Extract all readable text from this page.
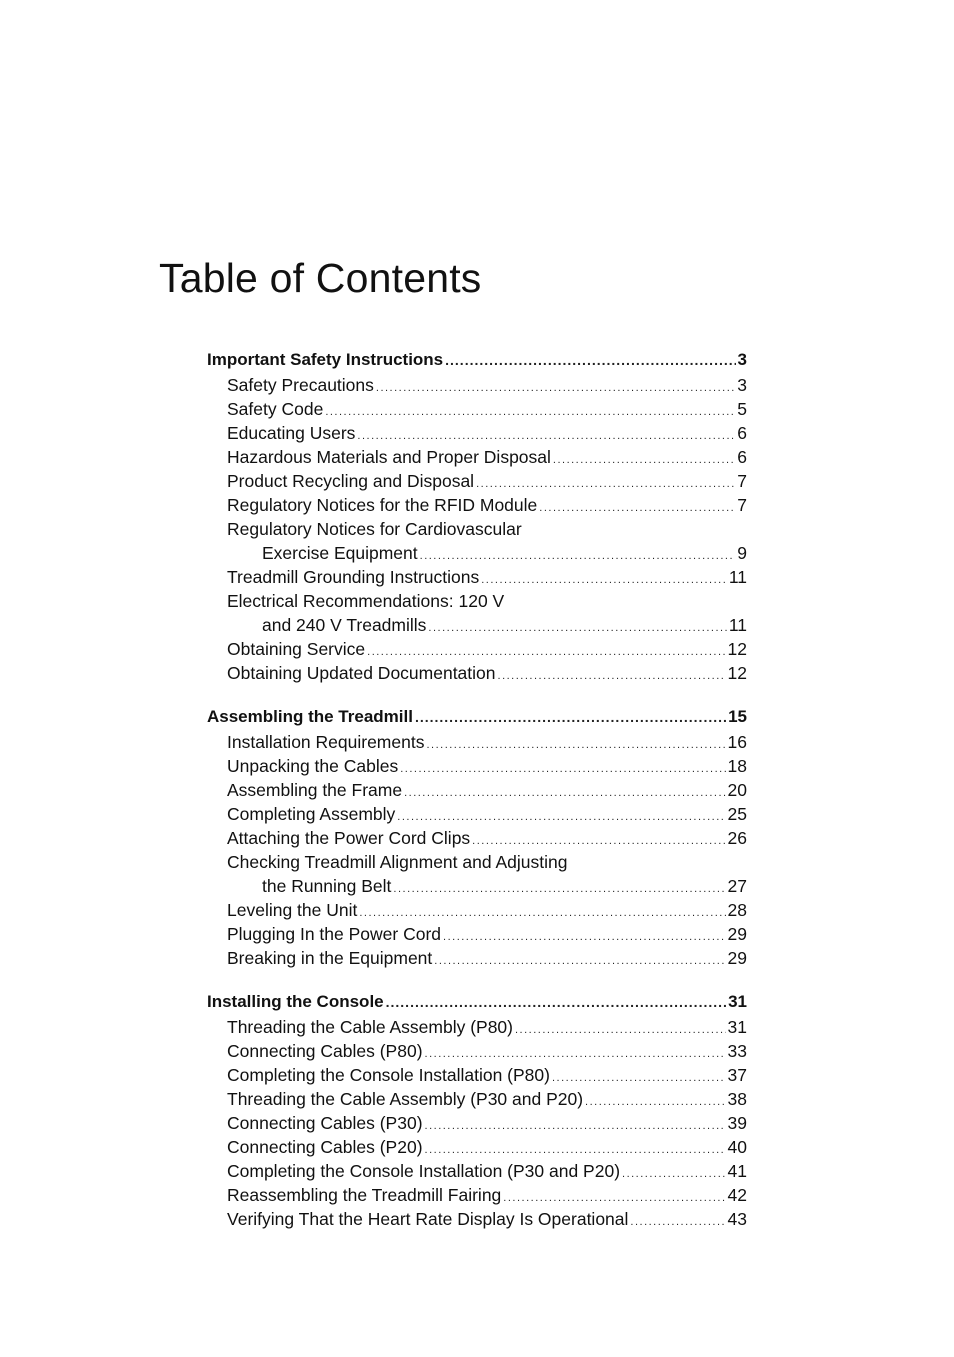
Table of Contents
Important Safety Instructions .....	3
Safety Precautions .....	3
Safety Code .....	5
Educating Users .....	6
Hazardous Materials and Proper Disposal .....	6
Product Recycling and Disposal .....	7
Regulatory Notices for the RFID Module .....	7
Regulatory Notices for Cardiovascular
Exercise Equipment .....	9
Treadmill Grounding Instructions .....	11
Electrical Recommendations: 120 V
and 240 V Treadmills .....	11
Obtaining Service .....	12
Obtaining Updated Documentation .....	12
Assembling the Treadmill .....	15
Installation Requirements .....	16
Unpacking the Cables .....	18
Assembling the Frame .....	20
Completing Assembly .....	25
Attaching the Power Cord Clips .....	26
Checking Treadmill Alignment and Adjusting
the Running Belt .....	27
Leveling the Unit .....	28
Plugging In the Power Cord .....	29
Breaking in the Equipment .....	29
Installing the Console .....	31
Threading the Cable Assembly (P80) .....	31
Connecting Cables (P80) .....	33
Completing the Console Installation (P80) .....	37
Threading the Cable Assembly (P30 and P20) .....	38
Connecting Cables (P30) .....	39
Connecting Cables (P20) .....	40
Completing the Console Installation (P30 and P20) .....	41
Reassembling the Treadmill Fairing .....	42
Verifying That the Heart Rate Display Is Operational .....	43
